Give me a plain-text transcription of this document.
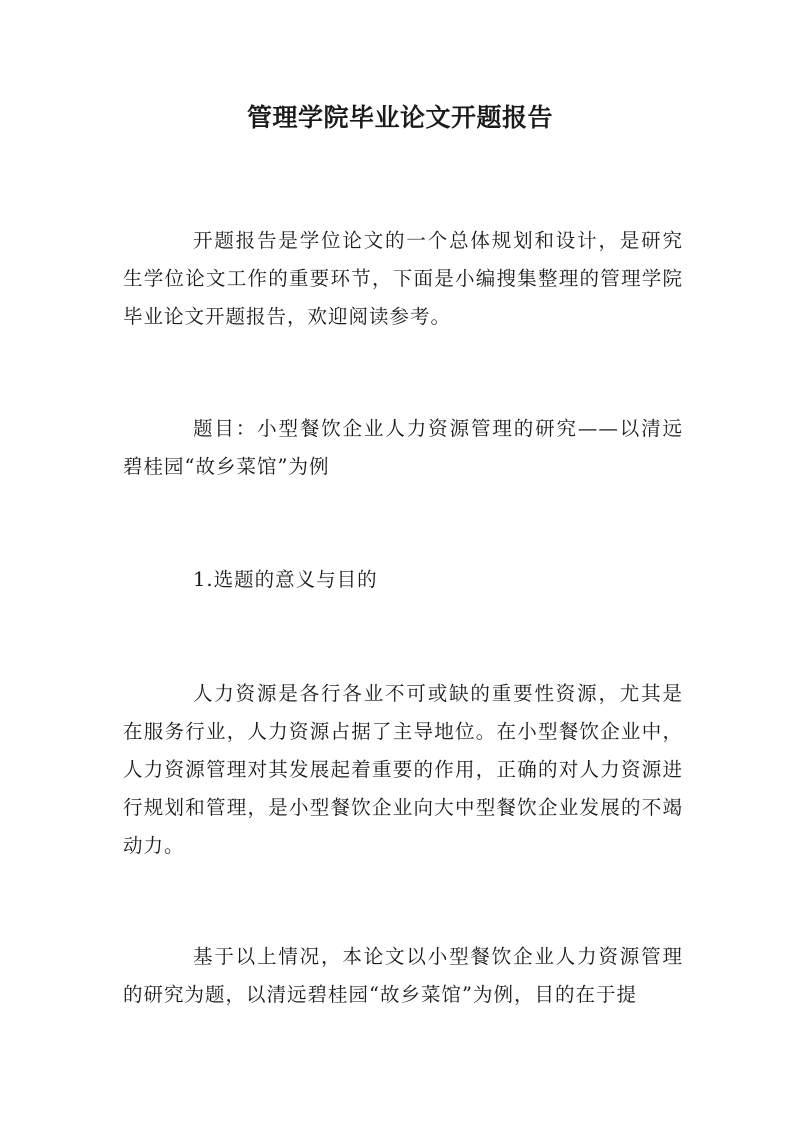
管理学院毕业论文开题报告

开题报告是学位论文的一个总体规划和设计，是研究生学位论文工作的重要环节，下面是小编搜集整理的管理学院毕业论文开题报告，欢迎阅读参考。

题目：小型餐饮企业人力资源管理的研究——以清远碧桂园“故乡菜馆”为例

1.选题的意义与目的

人力资源是各行各业不可或缺的重要性资源，尤其是在服务行业，人力资源占据了主导地位。在小型餐饮企业中，人力资源管理对其发展起着重要的作用，正确的对人力资源进行规划和管理，是小型餐饮企业向大中型餐饮企业发展的不竭动力。

基于以上情况，本论文以小型餐饮企业人力资源管理的研究为题，以清远碧桂园“故乡菜馆”为例，目的在于提
